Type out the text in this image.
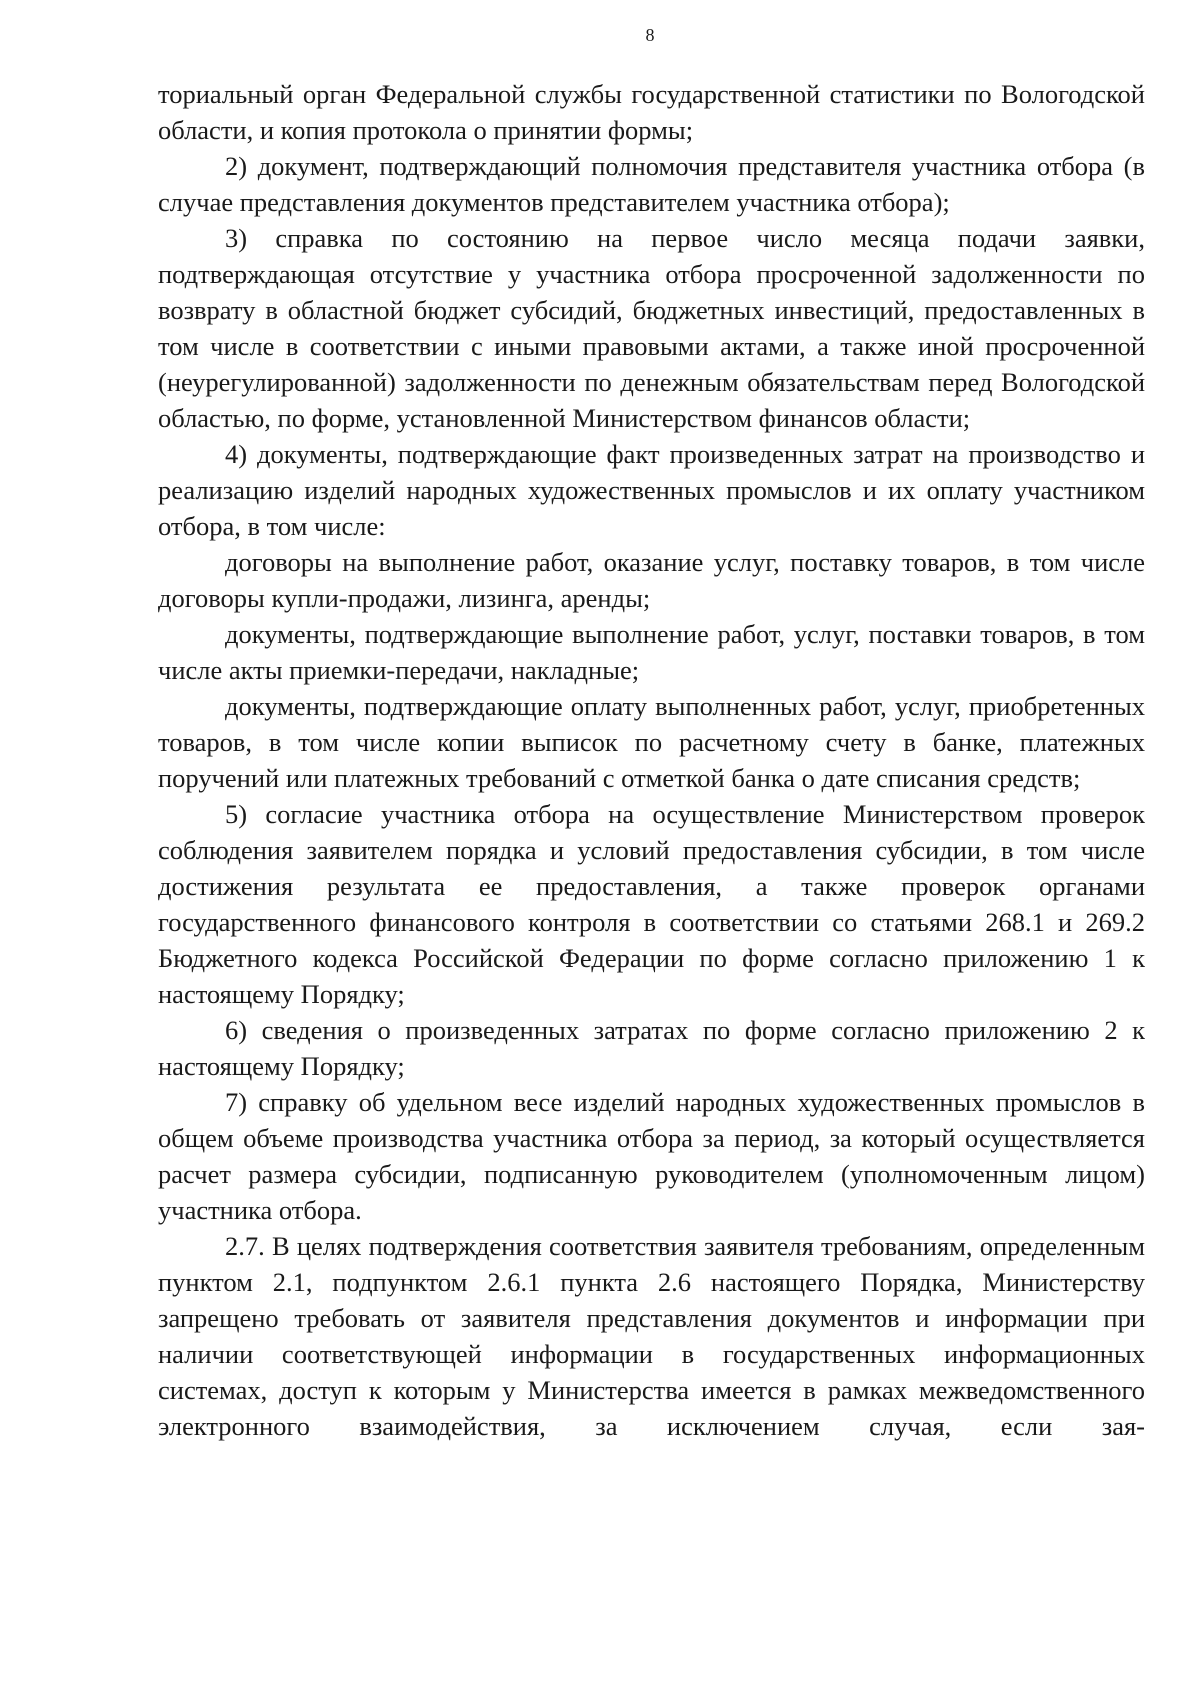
8

ториальный орган Федеральной службы государственной статистики по Вологодской области, и копия протокола о принятии формы;

2) документ, подтверждающий полномочия представителя участника отбора (в случае представления документов представителем участника отбора);

3) справка по состоянию на первое число месяца подачи заявки, подтверждающая отсутствие у участника отбора просроченной задолженности по возврату в областной бюджет субсидий, бюджетных инвестиций, предоставленных в том числе в соответствии с иными правовыми актами, а также иной просроченной (неурегулированной) задолженности по денежным обязательствам перед Вологодской областью, по форме, установленной Министерством финансов области;

4) документы, подтверждающие факт произведенных затрат на производство и реализацию изделий народных художественных промыслов и их оплату участником отбора, в том числе:

договоры на выполнение работ, оказание услуг, поставку товаров, в том числе договоры купли-продажи, лизинга, аренды;

документы, подтверждающие выполнение работ, услуг, поставки товаров, в том числе акты приемки-передачи, накладные;

документы, подтверждающие оплату выполненных работ, услуг, приобретенных товаров, в том числе копии выписок по расчетному счету в банке, платежных поручений или платежных требований с отметкой банка о дате списания средств;

5) согласие участника отбора на осуществление Министерством проверок соблюдения заявителем порядка и условий предоставления субсидии, в том числе достижения результата ее предоставления, а также проверок органами государственного финансового контроля в соответствии со статьями 268.1 и 269.2 Бюджетного кодекса Российской Федерации по форме согласно приложению 1 к настоящему Порядку;

6) сведения о произведенных затратах по форме согласно приложению 2 к настоящему Порядку;

7) справку об удельном весе изделий народных художественных промыслов в общем объеме производства участника отбора за период, за который осуществляется расчет размера субсидии, подписанную руководителем (уполномоченным лицом) участника отбора.

2.7. В целях подтверждения соответствия заявителя требованиям, определенным пунктом 2.1, подпунктом 2.6.1 пункта 2.6 настоящего Порядка, Министерству запрещено требовать от заявителя представления документов и информации при наличии соответствующей информации в государственных информационных системах, доступ к которым у Министерства имеется в рамках межведомственного электронного взаимодействия, за исключением случая, если зая-
